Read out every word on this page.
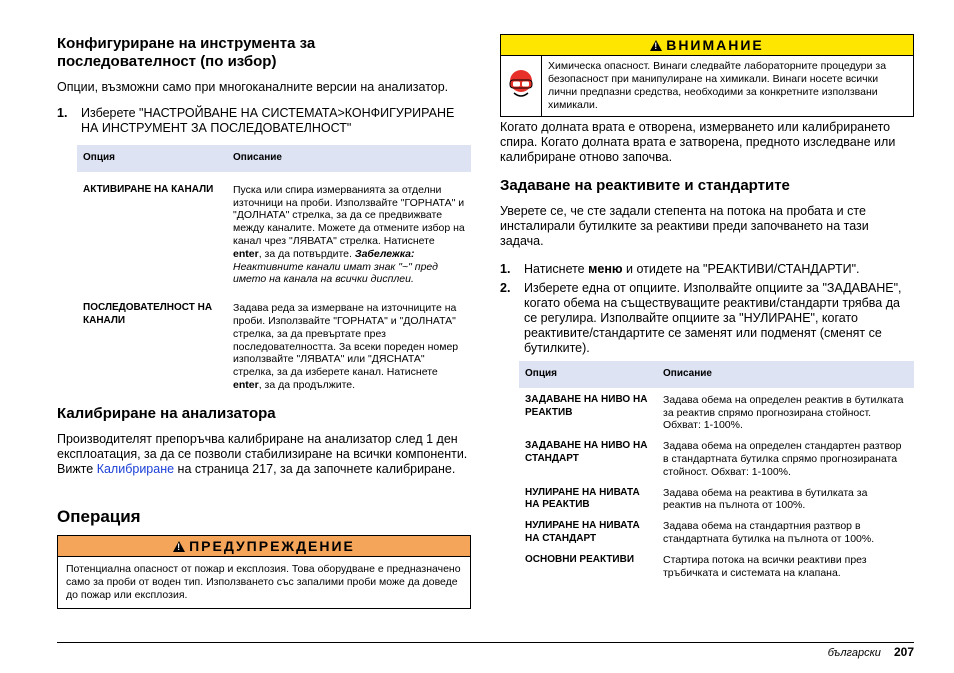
Конфигуриране на инструмента за последователност (по избор)

Опции, възможни само при многоканалните версии на анализатор.

1. Изберете "НАСТРОЙВАНЕ НА СИСТЕМАТА>КОНФИГУРИРАНЕ НА ИНСТРУМЕНТ ЗА ПОСЛЕДОВАТЕЛНОСТ"
Опция	Описание
АКТИВИРАНЕ НА КАНАЛИ	Пуска или спира измерванията за отделни източници на проби. Използвайте "ГОРНАТА" и "ДОЛНАТА" стрелка, за да се предвижвате между каналите. Можете да отмените избор на канал чрез "ЛЯВАТА" стрелка. Натиснете enter, за да потвърдите. Забележка: Неактивните канали имат знак "~" пред името на канала на всички дисплеи.
ПОСЛЕДОВАТЕЛНОСТ НА КАНАЛИ	Задава реда за измерване на източниците на проби. Използвайте "ГОРНАТА" и "ДОЛНАТА" стрелка, за да превъртате през последователността. За всеки пореден номер използвайте "ЛЯВАТА" или "ДЯСНАТА" стрелка, за да изберете канал. Натиснете enter, за да продължите.
Калибриране на анализатора

Производителят препоръчва калибриране на анализатор след 1 ден експлоатация, за да се позволи стабилизиране на всички компоненти. Вижте Калибриране на страница 217, за да започнете калибриране.

Операция
!ПРЕДУПРЕЖДЕНИЕ
Потенциална опасност от пожар и експлозия. Това оборудване е предназначено само за проби от воден тип. Използването със запалими проби може да доведе до пожар или експлозия.
!ВНИМАНИЕ
Химическа опасност. Винаги следвайте лабораторните процедури за безопасност при манипулиране на химикали. Винаги носете всички лични предпазни средства, необходими за конкретните използвани химикали.

Когато долната врата е отворена, измерването или калибрирането спира. Когато долната врата е затворена, предното изследване или калибриране отново започва.

Задаване на реактивите и стандартите

Уверете се, че сте задали степента на потока на пробата и сте инсталирали бутилките за реактиви преди започването на тази задача.

1. Натиснете меню и отидете на "РЕАКТИВИ/СТАНДАРТИ".
2. Изберете една от опциите. Изполвайте опциите за "ЗАДАВАНЕ", когато обема на съществуващите реактиви/стандарти трябва да се регулира. Изполвайте опциите за "НУЛИРАНЕ", когато реактивите/стандартите се заменят или подменят (сменят се бутилките).
Опция	Описание
ЗАДАВАНЕ НА НИВО НА РЕАКТИВ	Задава обема на определен реактив в бутилката за реактив спрямо прогнозирана стойност. Обхват: 1-100%.
ЗАДАВАНЕ НА НИВО НА СТАНДАРТ	Задава обема на определен стандартен разтвор в стандартната бутилка спрямо прогнозираната стойност. Обхват: 1-100%.
НУЛИРАНЕ НА НИВАТА НА РЕАКТИВ	Задава обема на реактива в бутилката за реактив на пълнота от 100%.
НУЛИРАНЕ НА НИВАТА НА СТАНДАРТ	Задава обема на стандартния разтвор в стандартната бутилка на пълнота от 100%.
ОСНОВНИ РЕАКТИВИ	Стартира потока на всички реактиви през тръбичката и системата на клапана.
български 207
